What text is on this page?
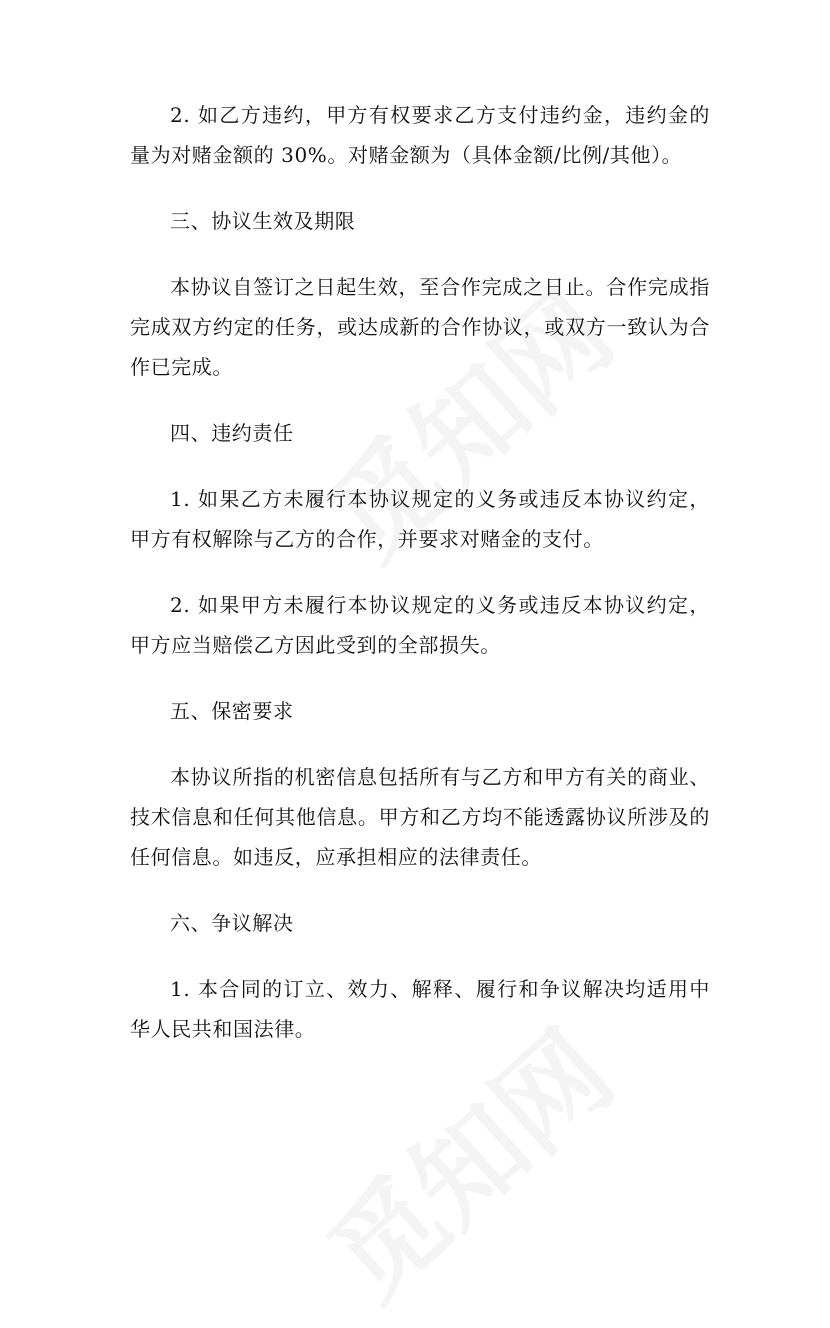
2. 如乙方违约，甲方有权要求乙方支付违约金，违约金的量为对赌金额的 30%。对赌金额为（具体金额/比例/其他）。

三、协议生效及期限

本协议自签订之日起生效，至合作完成之日止。合作完成指完成双方约定的任务，或达成新的合作协议，或双方一致认为合作已完成。

四、违约责任

1. 如果乙方未履行本协议规定的义务或违反本协议约定，甲方有权解除与乙方的合作，并要求对赌金的支付。

2. 如果甲方未履行本协议规定的义务或违反本协议约定，甲方应当赔偿乙方因此受到的全部损失。

五、保密要求

本协议所指的机密信息包括所有与乙方和甲方有关的商业、技术信息和任何其他信息。甲方和乙方均不能透露协议所涉及的任何信息。如违反，应承担相应的法律责任。

六、争议解决

1. 本合同的订立、效力、解释、履行和争议解决均适用中华人民共和国法律。
